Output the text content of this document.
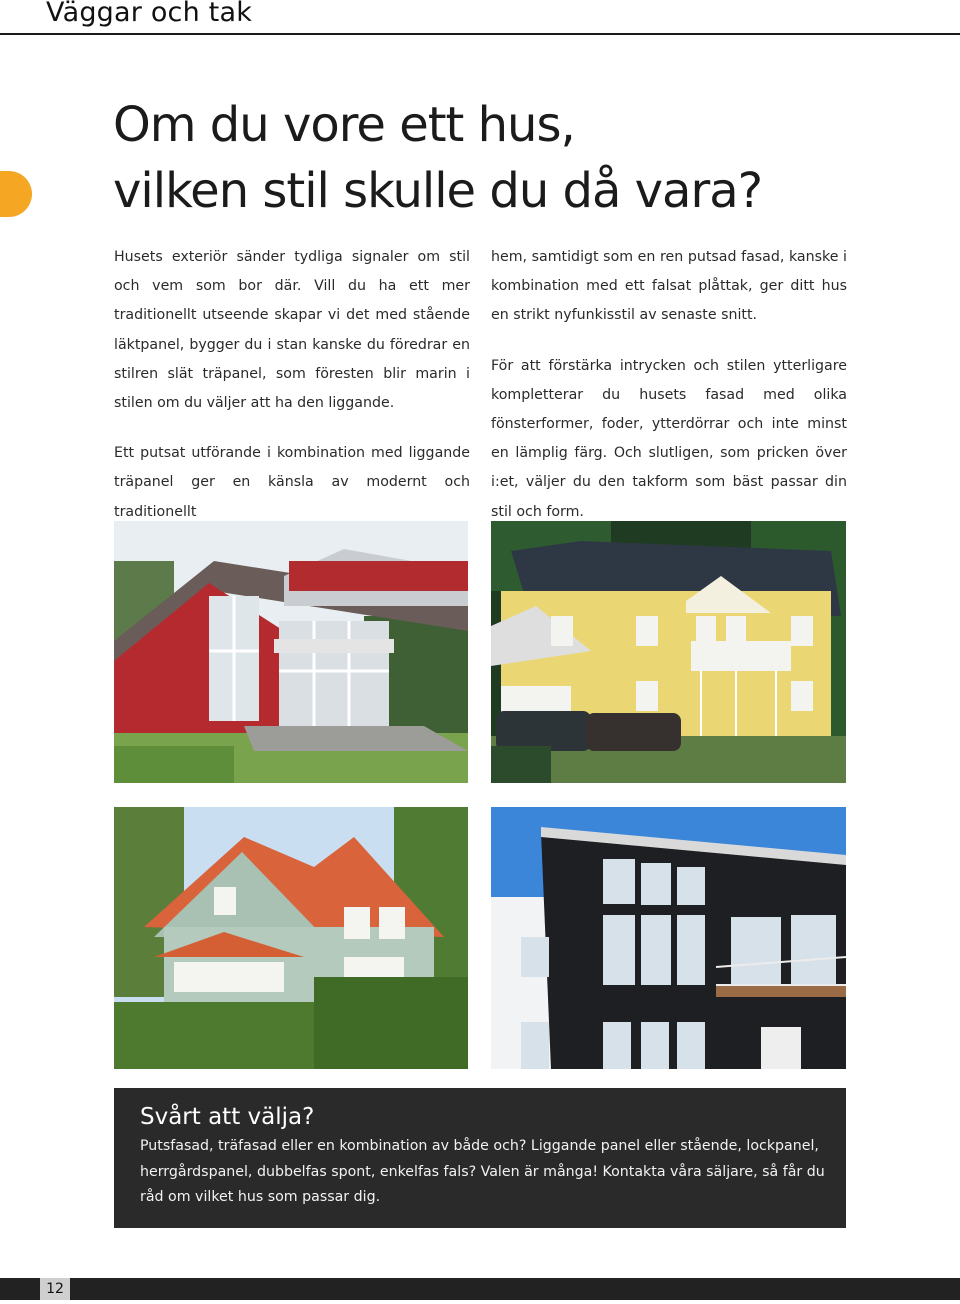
Väggar och tak
Om du vore ett hus,
vilken stil skulle du då vara?

Husets exteriör sänder tydliga signaler om stil och vem som bor där. Vill du ha ett mer traditionellt utseende skapar vi det med stående läktpanel, bygger du i stan kanske du föredrar en stilren slät träpanel, som föresten blir marin i stilen om du väljer att ha den liggande.

Ett putsat utförande i kombination med liggande träpanel ger en känsla av modernt och traditionellt

hem, samtidigt som en ren putsad fasad, kanske i kombination med ett falsat plåttak, ger ditt hus en strikt nyfunkisstil av senaste snitt.

För att förstärka intrycken och stilen ytterligare kompletterar du husets fasad med olika fönsterformer, foder, ytterdörrar och inte minst en lämplig färg. Och slutligen, som pricken över i:et, väljer du den takform som bäst passar din stil och form.

Svårt att välja?

Putsfasad, träfasad eller en kombination av både och? Liggande panel eller stående, lockpanel, herrgårdspanel, dubbelfas spont, enkelfas fals? Valen är många! Kontakta våra säljare, så får du råd om vilket hus som passar dig.

12
